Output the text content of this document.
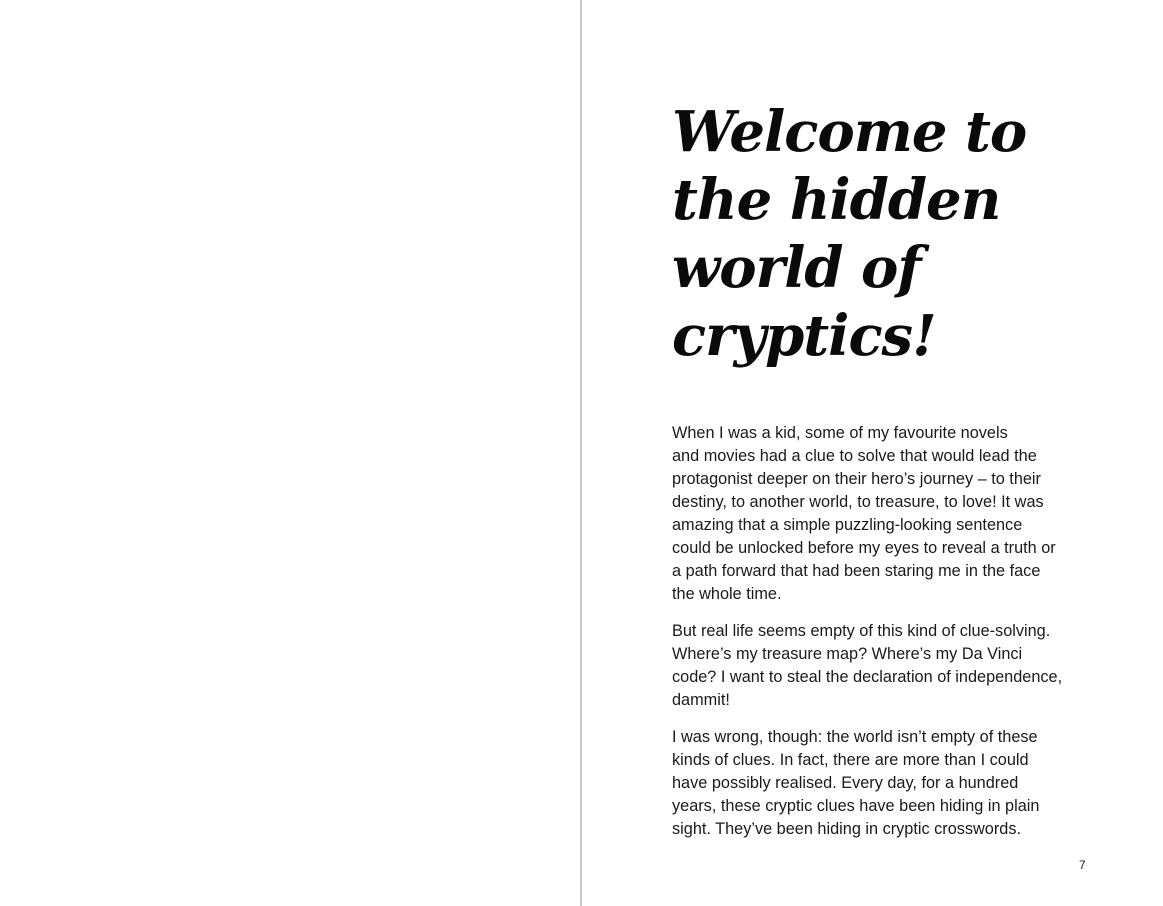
Welcome to
the hidden
world of
cryptics!

When I was a kid, some of my favourite novels
and movies had a clue to solve that would lead the
protagonist deeper on their hero’s journey – to their
destiny, to another world, to treasure, to love! It was
amazing that a simple puzzling-looking sentence
could be unlocked before my eyes to reveal a truth or
a path forward that had been staring me in the face
the whole time.

But real life seems empty of this kind of clue-solving.
Where’s my treasure map? Where’s my Da Vinci
code? I want to steal the declaration of independence,
dammit!

I was wrong, though: the world isn’t empty of these
kinds of clues. In fact, there are more than I could
have possibly realised. Every day, for a hundred
years, these cryptic clues have been hiding in plain
sight. They’ve been hiding in cryptic crosswords.

7
